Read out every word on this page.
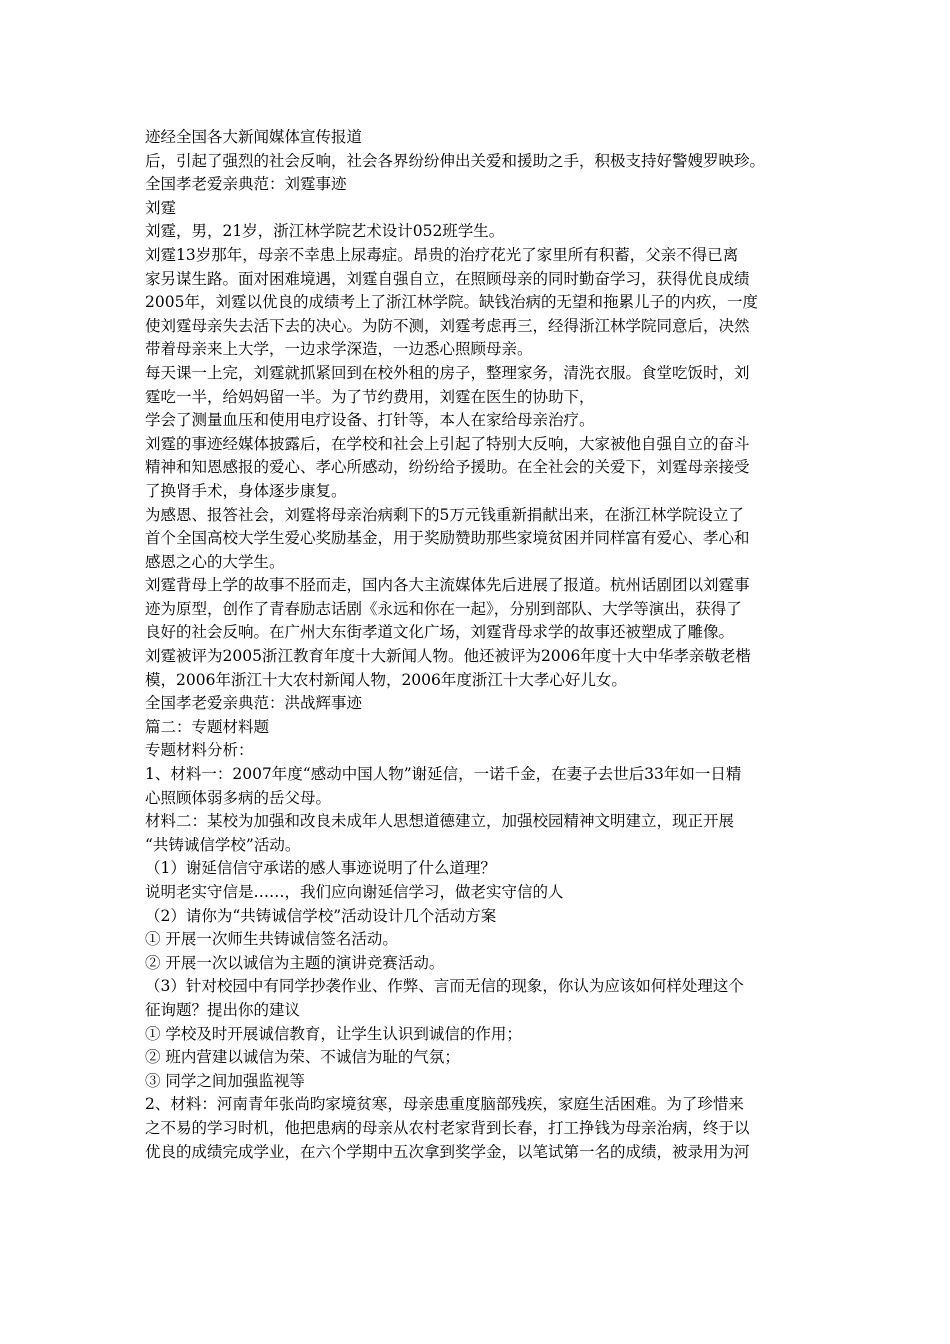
迹经全国各大新闻媒体宣传报道
后，引起了强烈的社会反响，社会各界纷纷伸出关爱和援助之手，积极支持好警嫂罗映珍。
全国孝老爱亲典范：刘霆事迹
刘霆
刘霆，男，21岁，浙江林学院艺术设计052班学生。
刘霆13岁那年，母亲不幸患上尿毒症。昂贵的治疗花光了家里所有积蓄，父亲不得已离
家另谋生路。面对困难境遇，刘霆自强自立，在照顾母亲的同时勤奋学习，获得优良成绩
2005年，刘霆以优良的成绩考上了浙江林学院。缺钱治病的无望和拖累儿子的内疚，一度
使刘霆母亲失去活下去的决心。为防不测，刘霆考虑再三，经得浙江林学院同意后，决然
带着母亲来上大学，一边求学深造，一边悉心照顾母亲。
每天课一上完，刘霆就抓紧回到在校外租的房子，整理家务，清洗衣服。食堂吃饭时，刘
霆吃一半，给妈妈留一半。为了节约费用，刘霆在医生的协助下，
学会了测量血压和使用电疗设备、打针等，本人在家给母亲治疗。
刘霆的事迹经媒体披露后，在学校和社会上引起了特别大反响，大家被他自强自立的奋斗
精神和知恩感报的爱心、孝心所感动，纷纷给予援助。在全社会的关爱下，刘霆母亲接受
了换肾手术，身体逐步康复。
为感恩、报答社会，刘霆将母亲治病剩下的5万元钱重新捐献出来，在浙江林学院设立了
首个全国高校大学生爱心奖励基金，用于奖励赞助那些家境贫困并同样富有爱心、孝心和
感恩之心的大学生。
刘霆背母上学的故事不胫而走，国内各大主流媒体先后进展了报道。杭州话剧团以刘霆事
迹为原型，创作了青春励志话剧《永远和你在一起》，分别到部队、大学等演出，获得了
良好的社会反响。在广州大东街孝道文化广场，刘霆背母求学的故事还被塑成了雕像。
刘霆被评为2005浙江教育年度十大新闻人物。他还被评为2006年度十大中华孝亲敬老楷
模，2006年浙江十大农村新闻人物，2006年度浙江十大孝心好儿女。
全国孝老爱亲典范：洪战辉事迹
篇二：专题材料题
专题材料分析：
1、材料一：2007年度“感动中国人物”谢延信，一诺千金，在妻子去世后33年如一日精
心照顾体弱多病的岳父母。
材料二：某校为加强和改良未成年人思想道德建立，加强校园精神文明建立，现正开展
“共铸诚信学校”活动。
（1）谢延信信守承诺的感人事迹说明了什么道理？
说明老实守信是……，我们应向谢延信学习，做老实守信的人
（2）请你为“共铸诚信学校”活动设计几个活动方案
① 开展一次师生共铸诚信签名活动。
② 开展一次以诚信为主题的演讲竞赛活动。
（3）针对校园中有同学抄袭作业、作弊、言而无信的现象，你认为应该如何样处理这个
征询题？提出你的建议
① 学校及时开展诚信教育，让学生认识到诚信的作用；
② 班内营建以诚信为荣、不诚信为耻的气氛；
③ 同学之间加强监视等
2、材料：河南青年张尚昀家境贫寒，母亲患重度脑部残疾，家庭生活困难。为了珍惜来
之不易的学习时机，他把患病的母亲从农村老家背到长春，打工挣钱为母亲治病，终于以
优良的成绩完成学业，在六个学期中五次拿到奖学金，以笔试第一名的成绩，被录用为河
